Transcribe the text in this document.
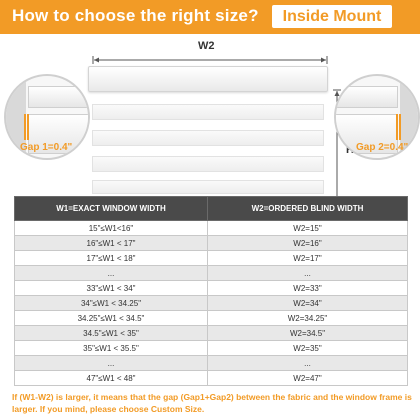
How to choose the right size?	Inside Mount
W2
Gap 1=0.4"	Gap 2=0.4"
W1=EXACT WINDOW WIDTH	W2=ORDERED BLIND WIDTH
15"≤W1<16"	W2=15"
16"≤W1 < 17"	W2=16"
17"≤W1 < 18"	W2=17"
...	...
33"≤W1 < 34"	W2=33"
34"≤W1 < 34.25"	W2=34"
34.25"≤W1 < 34.5"	W2=34.25"
34.5"≤W1 < 35"	W2=34.5"
35"≤W1 < 35.5"	W2=35"
...	...
47"≤W1 < 48"	W2=47"
If (W1-W2) is larger, it means that the gap (Gap1+Gap2) between the fabric and the window frame is larger. If you mind, please choose Custom Size.
